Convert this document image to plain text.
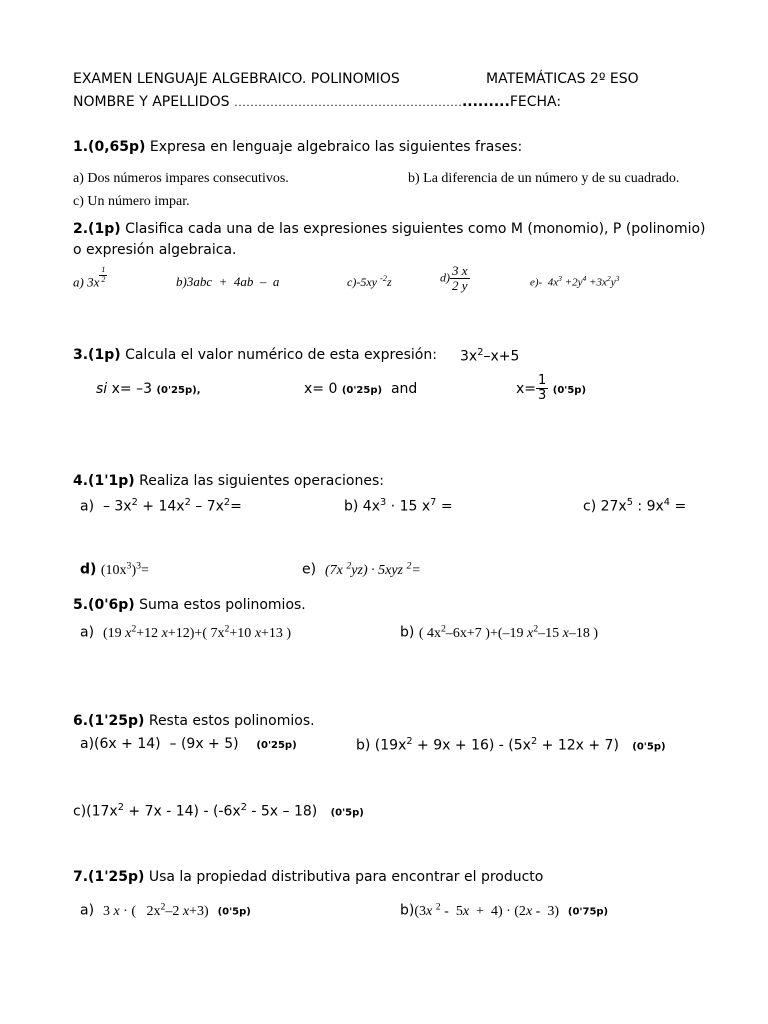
EXAMEN LENGUAJE ALGEBRAICO. POLINOMIOS	MATEMÁTICAS 2º ESO
NOMBRE Y APELLIDOS ………………………………………………….........FECHA:
1.(0,65p) Expresa en lenguaje algebraico las siguientes frases:
a) Dos números impares consecutivos.	b) La diferencia de un número y de su cuadrado.
c) Un número impar.
2.(1p) Clasifica cada una de las expresiones siguientes como M (monomio), P (polinomio)
o expresión algebraica.
a) 3x $^{\frac{1}{2}}$	b)3abc  +  4ab  –  a	c)-5xy $^{-2}$z	$d) \frac{3 x}{2 y}$	e)-  $4x^3 +2y^4 +3x^2y^3$
3.(1p) Calcula el valor numérico de esta expresión: $3x^2-x+5$
si x= –3 (0'25p),	x= 0 (0'25p) and	$x= \frac{1}{3} (0'5p)$
4.(1'1p) Realiza las siguientes operaciones:
$a) - 3x^2 + 14x^2 - 7x^2=$	b) $4x^3 \cdot 15$ $x^7$ =	c) $27x^5$ : $9x^4$ =
d) $(10x^3)^3=$	e)  (7x $^2$yz) · 5xyz $^2$=
5.(0'6p) Suma estos polinomios.
a)  (19 $x^2+12$ x+12)+( $7x^2+10$ x+13 )	b) ( $4x^2-6x+7$ )+(–19 $x^2-15$ x–18 )
6.(1'25p) Resta estos polinomios.
a)(6x + 14)  – (9x + 5)    (0'25p)	b) $(19x^2 + 9x + 16) - (5x^2 + 12x + 7)$   (0'5p)
$c)(17x^2 + 7x - 14) - (-6x^2 - 5x - 18)$   (0'5p)
7.(1'25p) Usa la propiedad distributiva para encontrar el producto
a)  3 x · (   $2x^2-2$ x+3) (0'5p)	b)(3x $^2$ -  5x  +  4) · (2x -  3) (0'75p)
